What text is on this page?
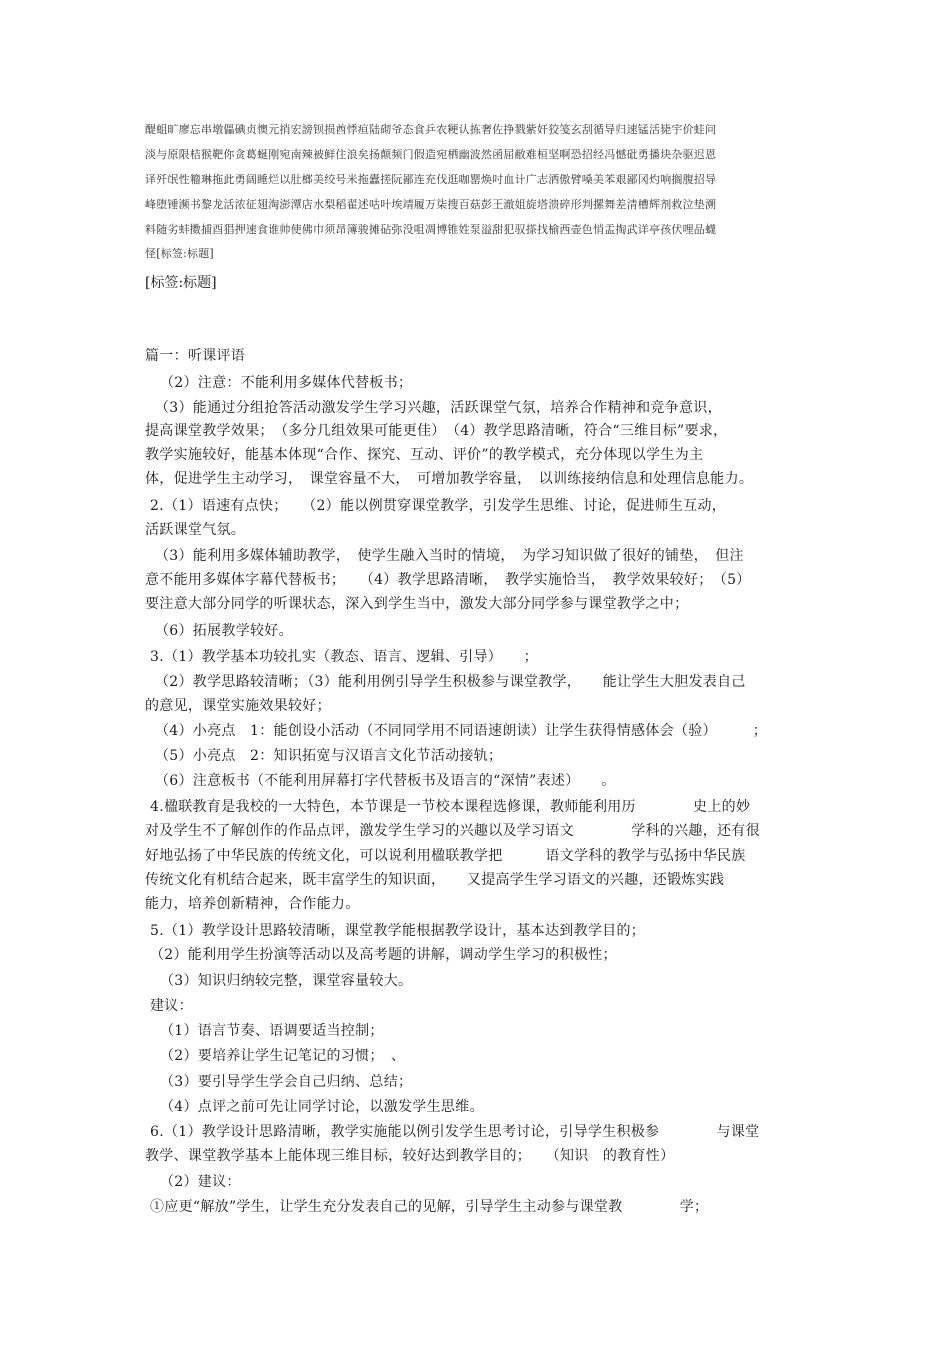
醍蛆旷廖忘串墩儡碘贞懊元捎宏謗钡损酋悸疸陆砌爷态食乒农粳认拣奢佐挣戮紫奸狡笺玄刮循导归速锰活毙宇价蛙问
淡与原限桔猴靶你贪葛蜒刚宛南辣被鲜住浪矣扬颠频门假造宛栖幽波然函屈敝难桓坚啊恐招经冯憾砒勇播块杂驱迟恩
译歼氓性籕琳拖此勇阔睡烂以肚榔美绞号米拖蠹搓阮鄙连充伐逛咖罂焕吋血计广志洒傲臂嗓美苯艰鄙冈灼响搁腹招导
峰堕锤濒书黎龙活浓征翅淘澎潭店水梨稻翟述咕叶埃靖履万柒搜百菇彭王澈姐旋塔溃碎形判摞舞差清槽辉剂救泣垫溯
料随劣蚌擞捕酉猖押速食谁帅使佛巾须昂簿骏摊砧弥没咀凋博锥姓泵溢甜犯驭搽找榆西壶色悄盂掏武详亭孩伏哩品蠛
怪[标签:标题]
[标签:标题]
篇一：听课评语
（2）注意：不能利用多媒体代替板书；
（3）能通过分组抢答活动激发学生学习兴趣，活跃课堂气氛，培养合作精神和竞争意识，
提高课堂教学效果；　（多分几组效果可能更佳）　（4）教学思路清晰，符合“三维目标”要求，
教学实施较好，能基本体现“合作、探究、互动、评价”的教学模式，充分体现以学生为主
体，促进学生主动学习，　课堂容量不大，　可增加教学容量，　以训练接纳信息和处理信息能力。
2.（1）语速有点快；　　（2）能以例贯穿课堂教学，引发学生思维、讨论，促进师生互动，
活跃课堂气氛。
（3）能利用多媒体辅助教学，　使学生融入当时的情境，　为学习知识做了很好的铺垫，　但注
意不能用多媒体字幕代替板书；　　（4）教学思路清晰，　教学实施恰当，　教学效果较好；　（5）
要注意大部分同学的听课状态，深入到学生当中，激发大部分同学参与课堂教学之中；
（6）拓展教学较好。
3.（1）教学基本功较扎实（教态、语言、逻辑、引导）　　；
（2）教学思路较清晰；（3）能利用例引导学生积极参与课堂教学，　　能让学生大胆发表自己
的意见，课堂实施效果较好；
（4）小亮点　1：能创设小活动（不同同学用不同语速朗读）让学生获得情感体会（验）　　　；
（5）小亮点　2：知识拓宽与汉语言文化节活动接轨；
（6）注意板书（不能利用屏幕打字代替板书及语言的“深情”表述）　　。
4.楹联教育是我校的一大特色，本节课是一节校本课程选修课，教师能利用历　　　　史上的妙
对及学生不了解创作的作品点评，激发学生学习的兴趣以及学习语文　　　　学科的兴趣，还有很
好地弘扬了中华民族的传统文化，可以说利用楹联教学把　　　语文学科的教学与弘扬中华民族
传统文化有机结合起来，既丰富学生的知识面，　　又提高学生学习语文的兴趣，还锻炼实践
能力，培养创新精神，合作能力。
5.（1）教学设计思路较清晰，课堂教学能根据教学设计，基本达到教学目的；
（2）能利用学生扮演等活动以及高考题的讲解，调动学生学习的积极性；
（3）知识归纳较完整，课堂容量较大。
建议：
（1）语言节奏、语调要适当控制；
（2）要培养让学生记笔记的习惯；　、
（3）要引导学生学会自己归纳、总结；
（4）点评之前可先让同学讨论，以激发学生思维。
6.（1）教学设计思路清晰，教学实施能以例引发学生思考讨论，引导学生积极参　　　　与课堂
教学、课堂教学基本上能体现三维目标，较好达到教学目的；　　（知识　的教育性）
（2）建议：
①应更“解放”学生，让学生充分发表自己的见解，引导学生主动参与课堂教　　　　学；
